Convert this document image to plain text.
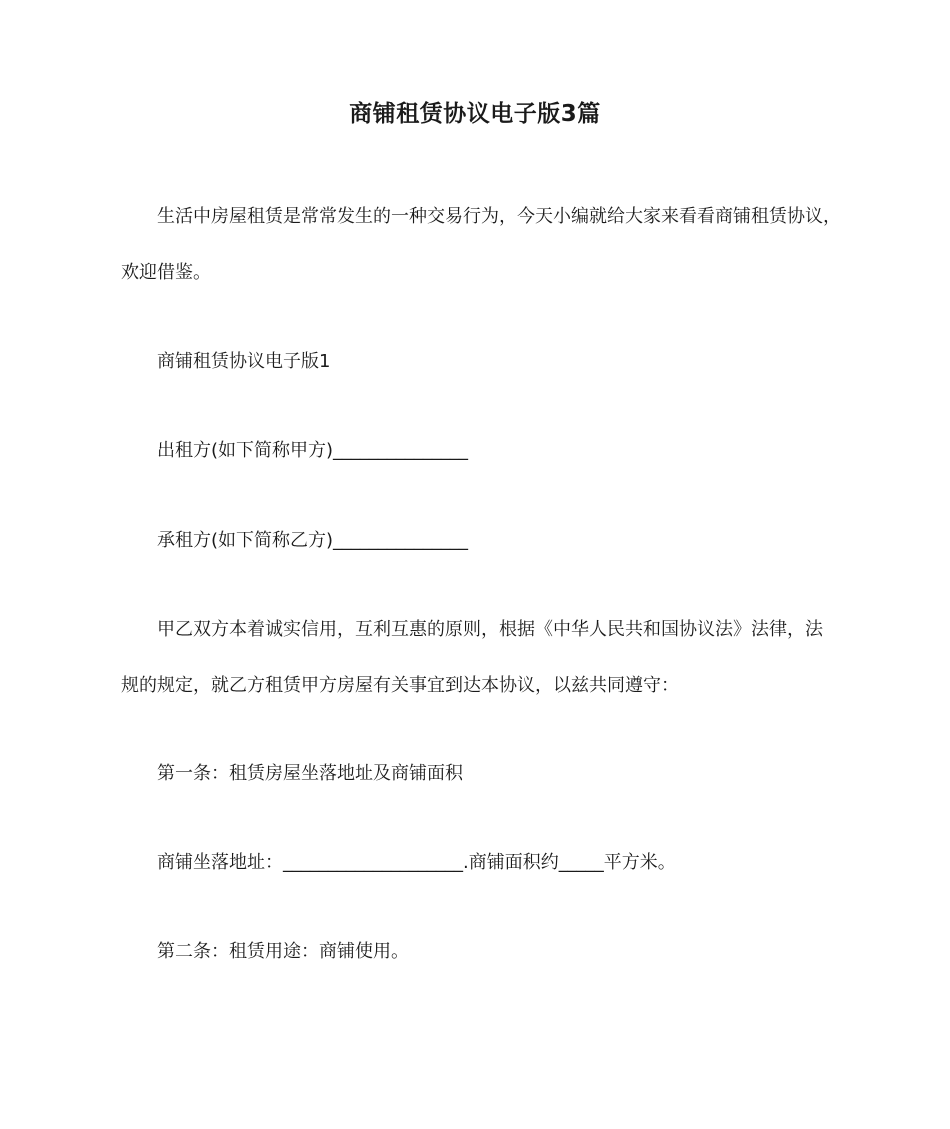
商铺租赁协议电子版3篇
生活中房屋租赁是常常发生的一种交易行为，今天小编就给大家来看看商铺租赁协议，
欢迎借鉴。
商铺租赁协议电子版1
出租方(如下简称甲方)_______________
承租方(如下简称乙方)_______________
甲乙双方本着诚实信用，互利互惠的原则，根据《中华人民共和国协议法》法律，法
规的规定，就乙方租赁甲方房屋有关事宜到达本协议，以兹共同遵守：
第一条：租赁房屋坐落地址及商铺面积
商铺坐落地址：____________________.商铺面积约_____平方米。
第二条：租赁用途：商铺使用。
